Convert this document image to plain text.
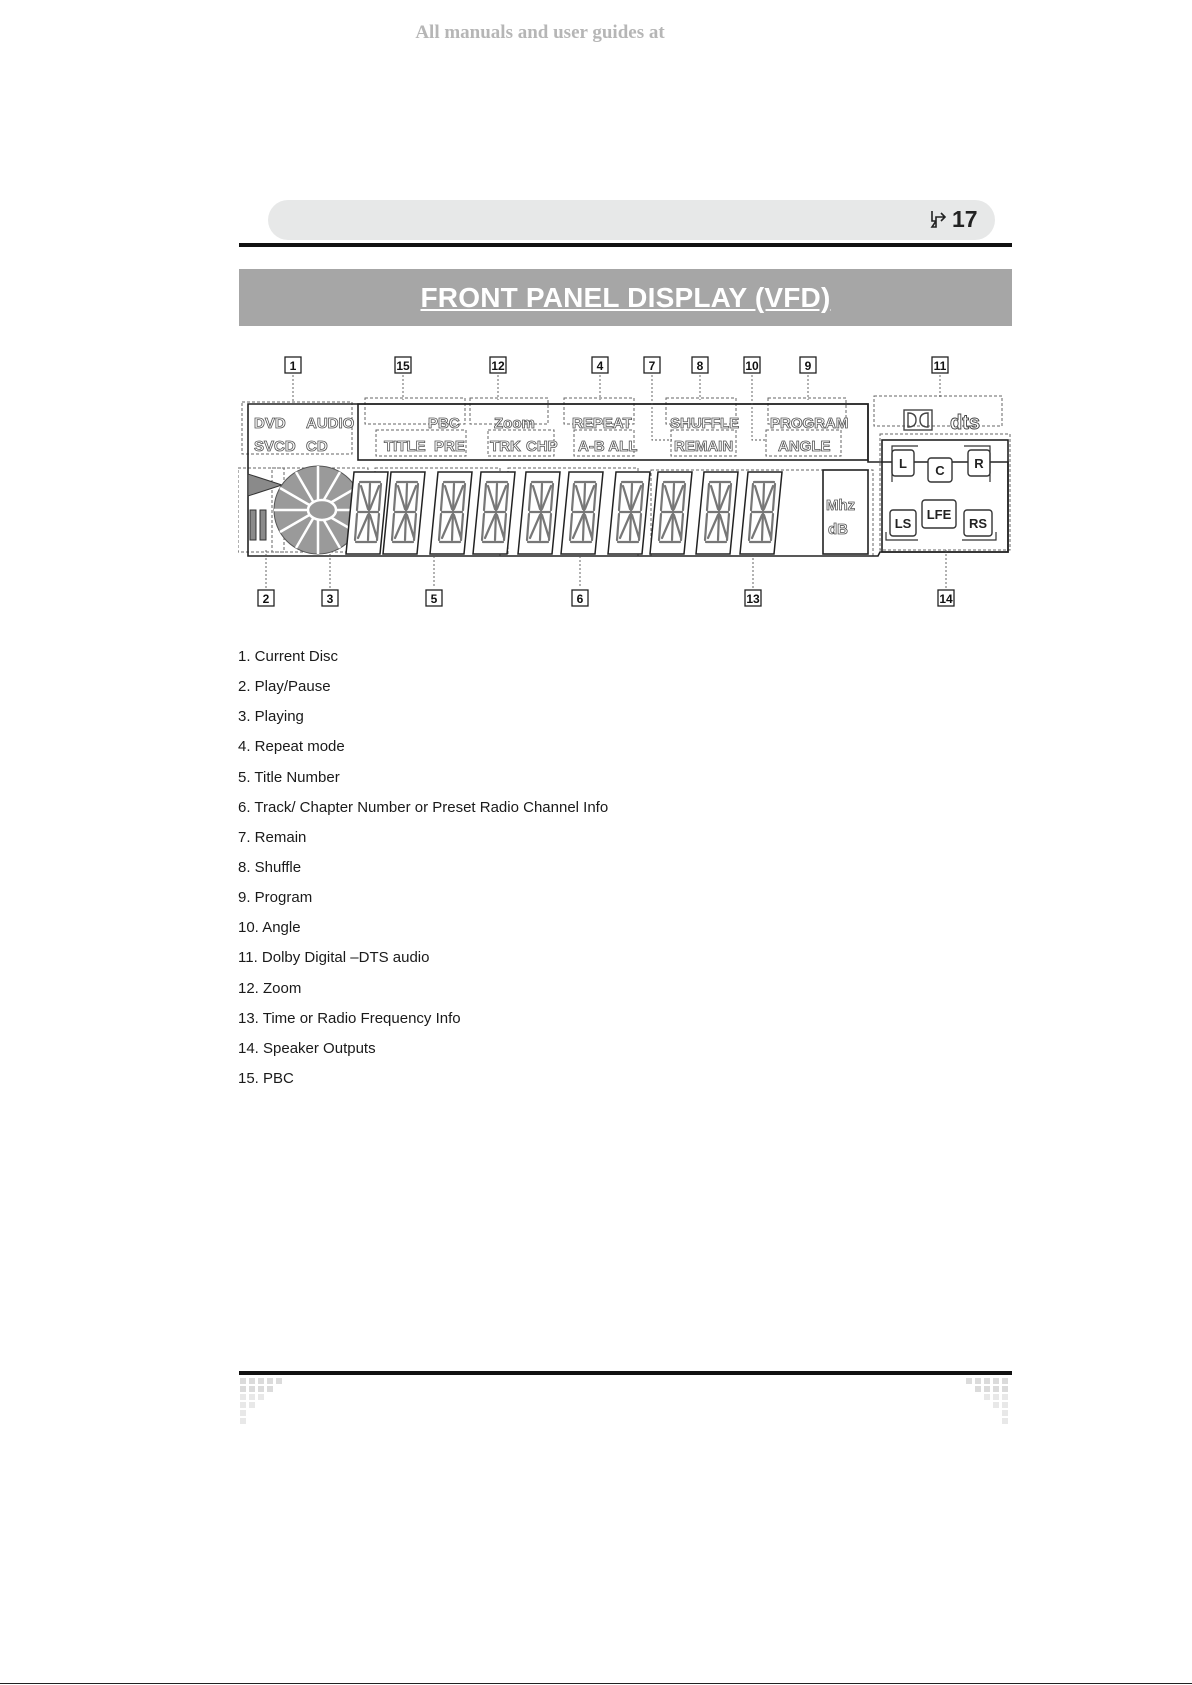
All manuals and user guides at
17
FRONT PANEL DISPLAY (VFD)
DVD AUDIO
SVCD CD
PBC
TITLE PRE
Zoom
TRK CHP
REPEAT
A-B ALL
SHUFFLE
REMAIN
PROGRAM
ANGLE
Mhz
dB
dts
L C R
LS
LFE
RS
1	15	12	4	7	8	10	9	11
2	3	5	6	13	14
1. Current Disc
2. Play/Pause
3. Playing
4. Repeat mode
5. Title Number
6. Track/ Chapter Number or Preset Radio Channel Info
7. Remain
8. Shuffle
9. Program
10. Angle
11. Dolby Digital –DTS audio
12. Zoom
13. Time or Radio Frequency Info
14. Speaker Outputs
15. PBC
